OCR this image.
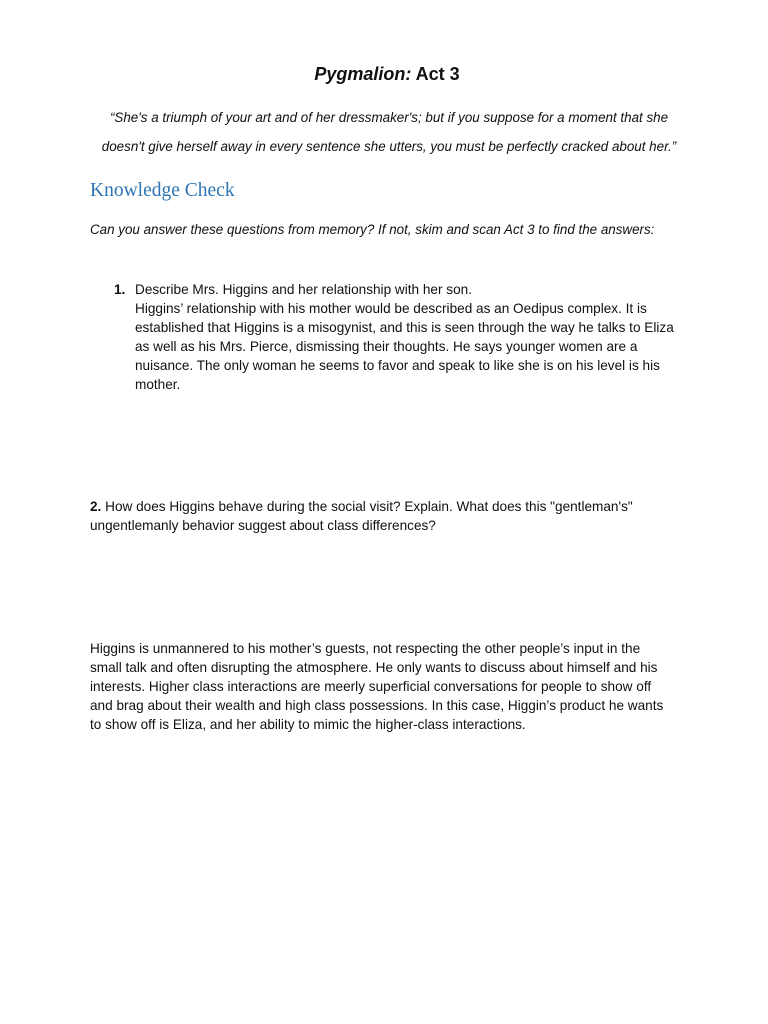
Pygmalion: Act 3

“She's a triumph of your art and of her dressmaker's; but if you suppose for a moment that she doesn't give herself away in every sentence she utters, you must be perfectly cracked about her.”

Knowledge Check

Can you answer these questions from memory? If not, skim and scan Act 3 to find the answers:

1. Describe Mrs. Higgins and her relationship with her son.

Higgins’ relationship with his mother would be described as an Oedipus complex. It is established that Higgins is a misogynist, and this is seen through the way he talks to Eliza as well as his Mrs. Pierce, dismissing their thoughts. He says younger women are a nuisance. The only woman he seems to favor and speak to like she is on his level is his mother.

2. How does Higgins behave during the social visit? Explain. What does this "gentleman's" ungentlemanly behavior suggest about class differences?

Higgins is unmannered to his mother’s guests, not respecting the other people’s input in the small talk and often disrupting the atmosphere. He only wants to discuss about himself and his interests. Higher class interactions are meerly superficial conversations for people to show off and brag about their wealth and high class possessions. In this case, Higgin’s product he wants to show off is Eliza, and her ability to mimic the higher-class interactions.
